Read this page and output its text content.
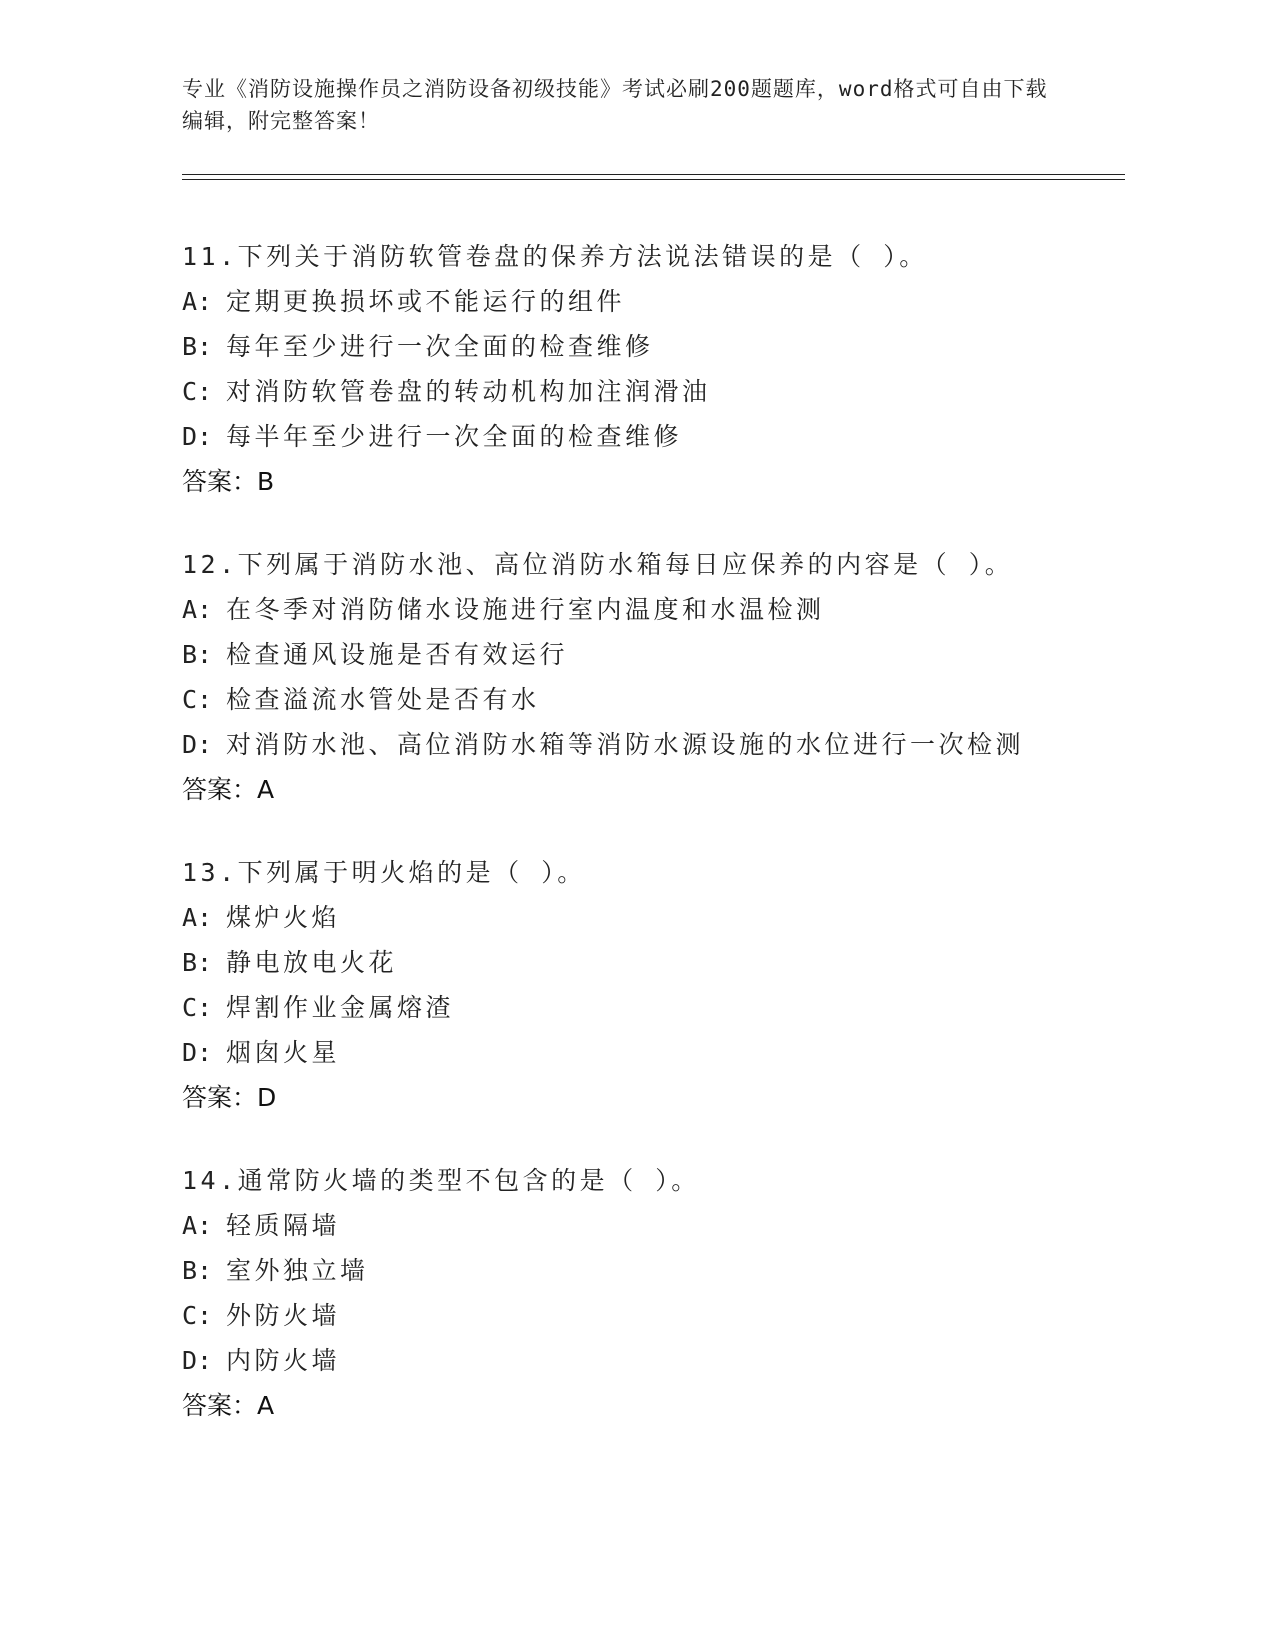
专业《消防设施操作员之消防设备初级技能》考试必刷200题题库，word格式可自由下载编辑，附完整答案！
11.下列关于消防软管卷盘的保养方法说法错误的是（ ）。
A: 定期更换损坏或不能运行的组件
B: 每年至少进行一次全面的检查维修
C: 对消防软管卷盘的转动机构加注润滑油
D: 每半年至少进行一次全面的检查维修
答案：B
12.下列属于消防水池、高位消防水箱每日应保养的内容是（ ）。
A: 在冬季对消防储水设施进行室内温度和水温检测
B: 检查通风设施是否有效运行
C: 检查溢流水管处是否有水
D: 对消防水池、高位消防水箱等消防水源设施的水位进行一次检测
答案：A
13.下列属于明火焰的是（ ）。
A: 煤炉火焰
B: 静电放电火花
C: 焊割作业金属熔渣
D: 烟囱火星
答案：D
14.通常防火墙的类型不包含的是（ ）。
A: 轻质隔墙
B: 室外独立墙
C: 外防火墙
D: 内防火墙
答案：A
